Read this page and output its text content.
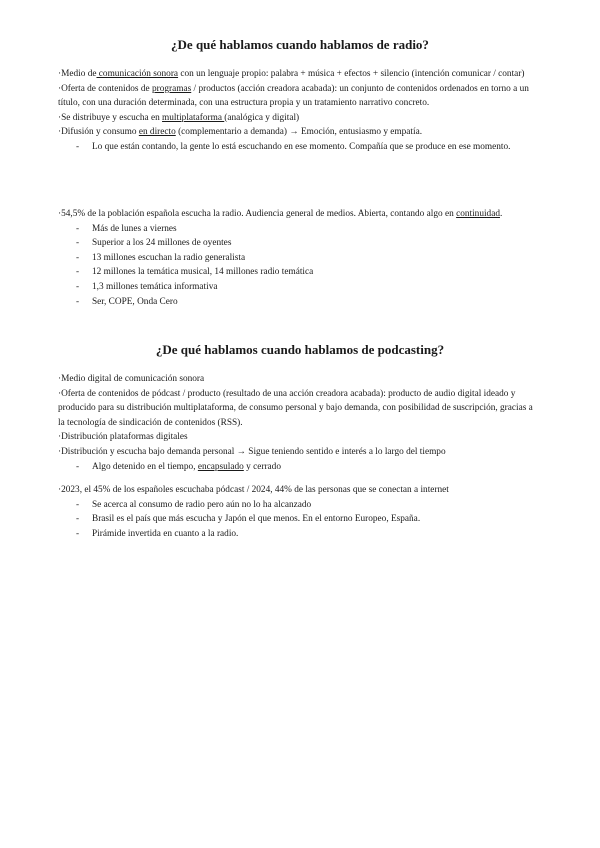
¿De qué hablamos cuando hablamos de radio?

·Medio de comunicación sonora con un lenguaje propio: palabra + música + efectos + silencio (intención comunicar / contar)

·Oferta de contenidos de programas / productos (acción creadora acabada): un conjunto de contenidos ordenados en torno a un título, con una duración determinada, con una estructura propia y un tratamiento narrativo concreto.

·Se distribuye y escucha en multiplataforma (analógica y digital)

·Difusión y consumo en directo (complementario a demanda) → Emoción, entusiasmo y empatía.

- Lo que están contando, la gente lo está escuchando en ese momento. Compañía que se produce en ese momento.

·54,5% de la población española escucha la radio. Audiencia general de medios. Abierta, contando algo en continuidad.

- Más de lunes a viernes
- Superior a los 24 millones de oyentes
- 13 millones escuchan la radio generalista
- 12 millones la temática musical, 14 millones radio temática
- 1,3 millones temática informativa
- Ser, COPE, Onda Cero
¿De qué hablamos cuando hablamos de podcasting?

·Medio digital de comunicación sonora

·Oferta de contenidos de pódcast / producto (resultado de una acción creadora acabada): producto de audio digital ideado y producido para su distribución multiplataforma, de consumo personal y bajo demanda, con posibilidad de suscripción, gracias a la tecnología de sindicación de contenidos (RSS).

·Distribución plataformas digitales

·Distribución y escucha bajo demanda personal → Sigue teniendo sentido e interés a lo largo del tiempo

- Algo detenido en el tiempo, encapsulado y cerrado

·2023, el 45% de los españoles escuchaba pódcast / 2024, 44% de las personas que se conectan a internet

- Se acerca al consumo de radio pero aún no lo ha alcanzado
- Brasil es el país que más escucha y Japón el que menos. En el entorno Europeo, España.
- Pirámide invertida en cuanto a la radio.
